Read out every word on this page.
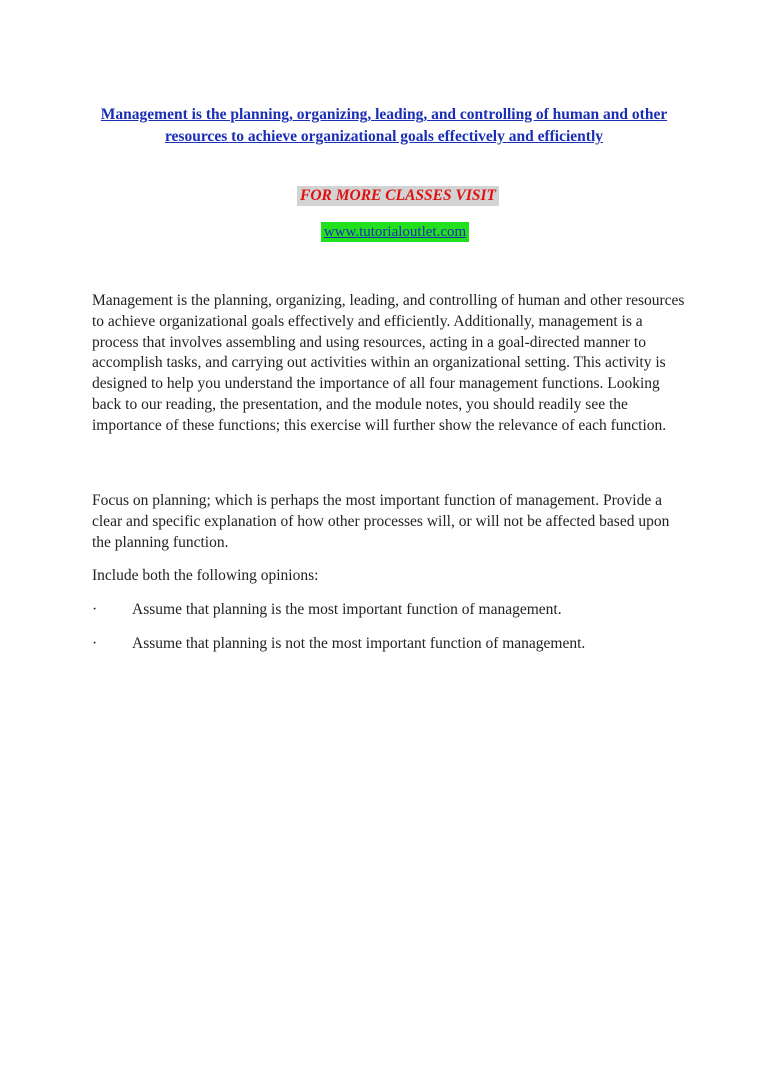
Management is the planning, organizing, leading, and controlling of human and other resources to achieve organizational goals effectively and efficiently
FOR MORE CLASSES VISIT
www.tutorialoutlet.com

Management is the planning, organizing, leading, and controlling of human and other resources to achieve organizational goals effectively and efficiently. Additionally, management is a process that involves assembling and using resources, acting in a goal-directed manner to accomplish tasks, and carrying out activities within an organizational setting. This activity is designed to help you understand the importance of all four management functions. Looking back to our reading, the presentation, and the module notes, you should readily see the importance of these functions; this exercise will further show the relevance of each function.

Focus on planning; which is perhaps the most important function of management. Provide a clear and specific explanation of how other processes will, or will not be affected based upon the planning function.

Include both the following opinions:

· Assume that planning is the most important function of management.
· Assume that planning is not the most important function of management.
